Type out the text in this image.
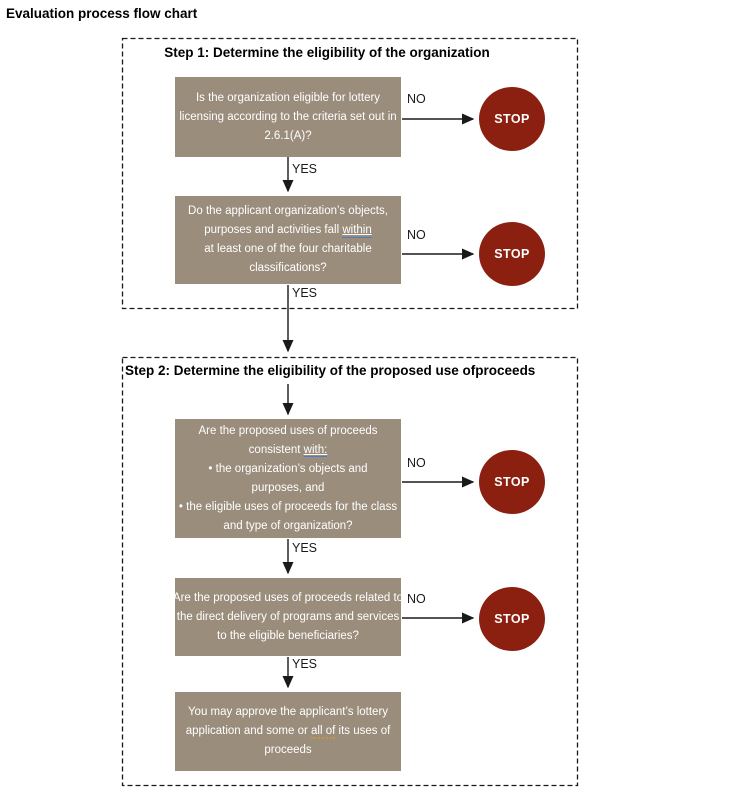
Evaluation process flow chart
Step 1: Determine the eligibility of the organization
Step 2: Determine the eligibility of the proposed use ofproceeds
Is the organization eligible for lottery
licensing according to the criteria set out in
2.6.1(A)?
Do the applicant organization’s objects,
purposes and activities fall within
at least one of the four charitable
classifications?
Are the proposed uses of proceeds
consistent with:
• the organization’s objects and
purposes, and
• the eligible uses of proceeds for the class
and type of organization?
Are the proposed uses of proceeds related to
the direct delivery of programs and services
to the eligible beneficiaries?
You may approve the applicant’s lottery
application and some or all of its uses of
proceeds
STOP
STOP
STOP
STOP
NO
NO
NO
NO
YES
YES
YES
YES
